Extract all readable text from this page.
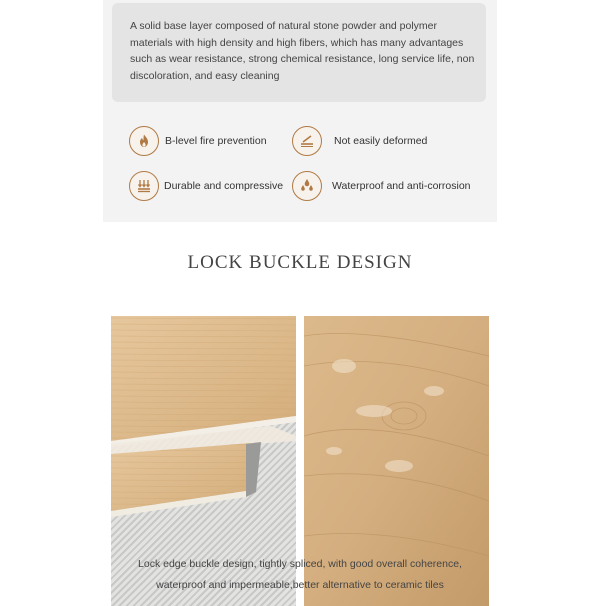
A solid base layer composed of natural stone powder and polymer materials with high density and high fibers, which has many advantages such as wear resistance, strong chemical resistance, long service life, non discoloration, and easy cleaning
B-level fire prevention	Not easily deformed
Durable and compressive	Waterproof and anti-corrosion
LOCK BUCKLE DESIGN
Lock edge buckle design, tightly spliced, with good overall coherence,
waterproof and impermeable,better alternative to ceramic tiles
